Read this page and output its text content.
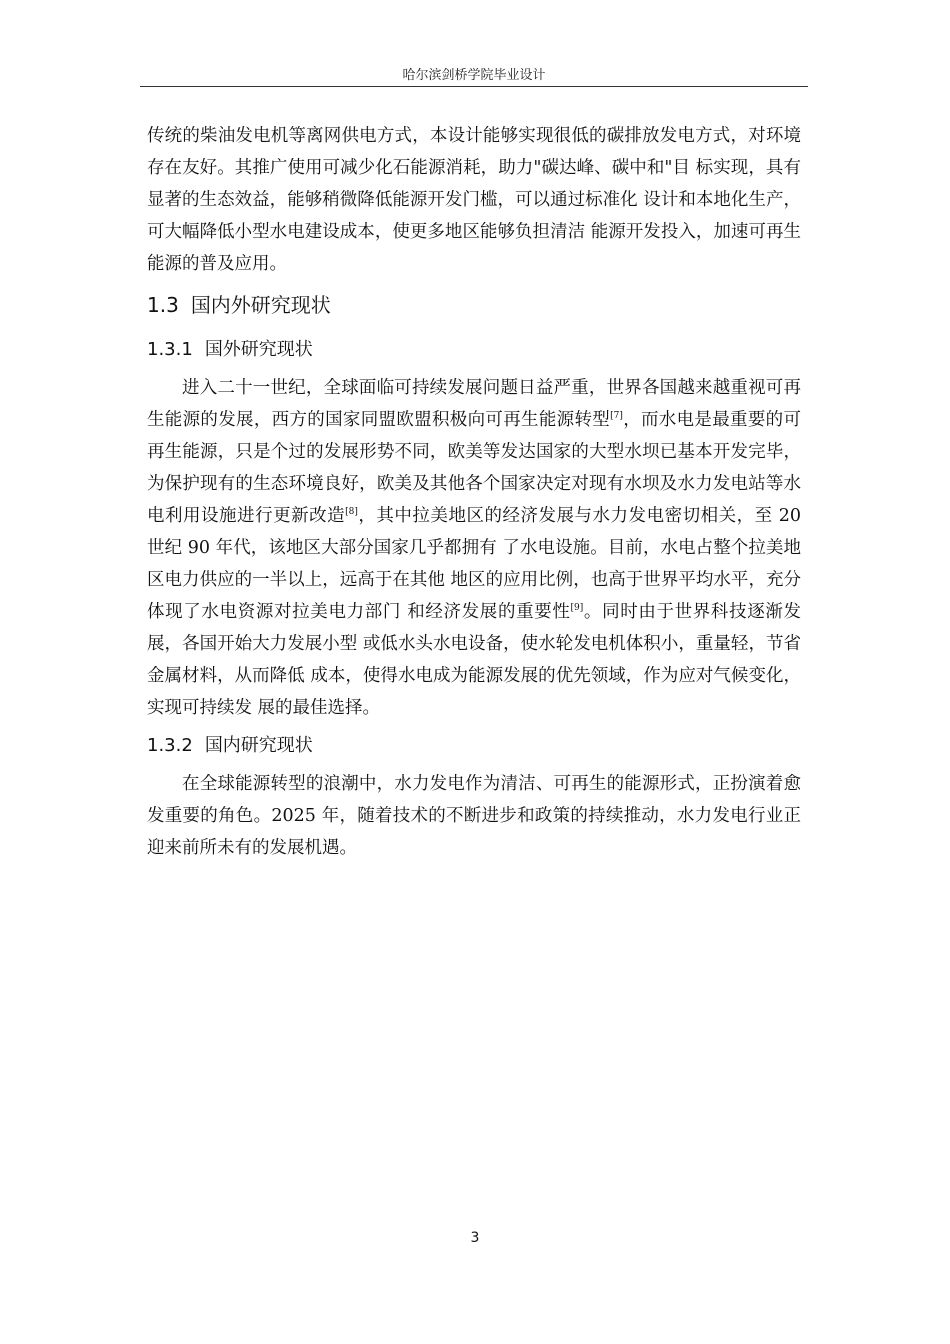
哈尔滨剑桥学院毕业设计

传统的柴油发电机等离网供电方式，本设计能够实现很低的碳排放发电方式，对环境存在友好。其推广使用可减少化石能源消耗，助力"碳达峰、碳中和"目 标实现，具有显著的生态效益，能够稍微降低能源开发门槛，可以通过标准化 设计和本地化生产，可大幅降低小型水电建设成本，使更多地区能够负担清洁 能源开发投入，加速可再生能源的普及应用。

1.3 国内外研究现状
1.3.1 国外研究现状

进入二十一世纪，全球面临可持续发展问题日益严重，世界各国越来越重视可再生能源的发展，西方的国家同盟欧盟积极向可再生能源转型[7]，而水电是最重要的可再生能源，只是个过的发展形势不同，欧美等发达国家的大型水坝已基本开发完毕，为保护现有的生态环境良好，欧美及其他各个国家决定对现有水坝及水力发电站等水电利用设施进行更新改造[8]，其中拉美地区的经济发展与水力发电密切相关，至 20 世纪 90 年代，该地区大部分国家几乎都拥有 了水电设施。目前，水电占整个拉美地区电力供应的一半以上，远高于在其他 地区的应用比例，也高于世界平均水平，充分体现了水电资源对拉美电力部门 和经济发展的重要性[9]。同时由于世界科技逐渐发展，各国开始大力发展小型 或低水头水电设备，使水轮发电机体积小，重量轻，节省金属材料，从而降低 成本，使得水电成为能源发展的优先领域，作为应对气候变化，实现可持续发 展的最佳选择。

1.3.2 国内研究现状

在全球能源转型的浪潮中，水力发电作为清洁、可再生的能源形式，正扮演着愈发重要的角色。2025 年，随着技术的不断进步和政策的持续推动，水力发电行业正迎来前所未有的发展机遇。

3
